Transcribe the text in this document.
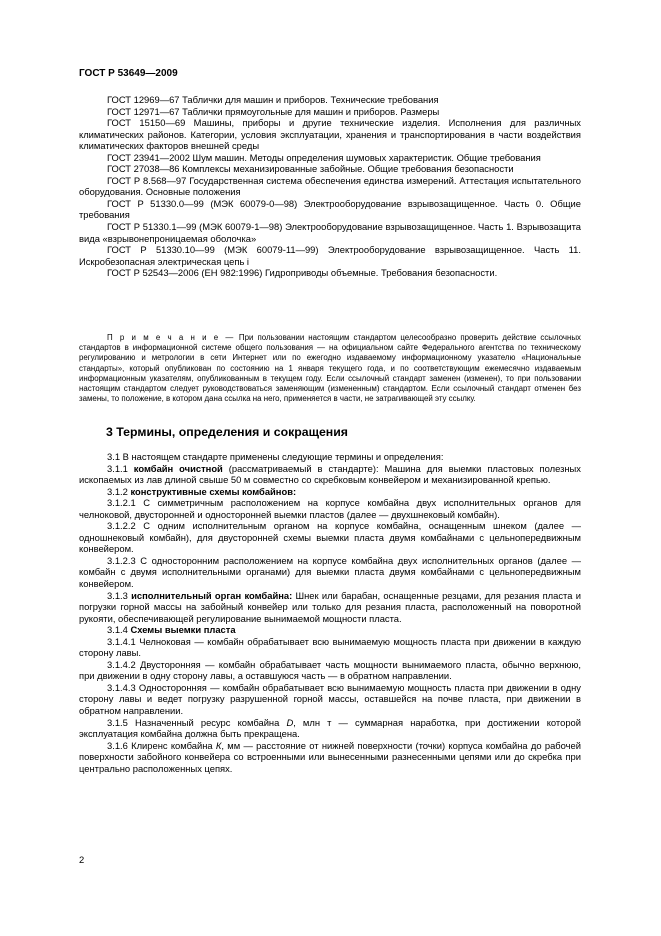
ГОСТ Р 53649—2009

ГОСТ 12969—67 Таблички для машин и приборов. Технические требования

ГОСТ 12971—67 Таблички прямоугольные для машин и приборов. Размеры

ГОСТ 15150—69 Машины, приборы и другие технические изделия. Исполнения для различных климатических районов. Категории, условия эксплуатации, хранения и транспортирования в части воздействия климатических факторов внешней среды

ГОСТ 23941—2002 Шум машин. Методы определения шумовых характеристик. Общие требования

ГОСТ 27038—86 Комплексы механизированные забойные. Общие требования безопасности

ГОСТ Р 8.568—97 Государственная система обеспечения единства измерений. Аттестация испытательного оборудования. Основные положения

ГОСТ Р 51330.0—99 (МЭК 60079-0—98) Электрооборудование взрывозащищенное. Часть 0. Общие требования

ГОСТ Р 51330.1—99 (МЭК 60079-1—98) Электрооборудование взрывозащищенное. Часть 1. Взрывозащита вида «взрывонепроницаемая оболочка»

ГОСТ Р 51330.10—99 (МЭК 60079-11—99) Электрооборудование взрывозащищенное. Часть 11. Искробезопасная электрическая цепь i

ГОСТ Р 52543—2006 (ЕН 982:1996) Гидроприводы объемные. Требования безопасности.

П р и м е ч а н и е — При пользовании настоящим стандартом целесообразно проверить действие ссылочных стандартов в информационной системе общего пользования — на официальном сайте Федерального агентства по техническому регулированию и метрологии в сети Интернет или по ежегодно издаваемому информационному указателю «Национальные стандарты», который опубликован по состоянию на 1 января текущего года, и по соответствующим ежемесячно издаваемым информационным указателям, опубликованным в текущем году. Если ссылочный стандарт заменен (изменен), то при пользовании настоящим стандартом следует руководствоваться заменяющим (измененным) стандартом. Если ссылочный стандарт отменен без замены, то положение, в котором дана ссылка на него, применяется в части, не затрагивающей эту ссылку.
3 Термины, определения и сокращения

3.1 В настоящем стандарте применены следующие термины и определения:

3.1.1 комбайн очистной (рассматриваемый в стандарте): Машина для выемки пластовых полезных ископаемых из лав длиной свыше 50 м совместно со скребковым конвейером и механизированной крепью.

3.1.2 конструктивные схемы комбайнов:

3.1.2.1 С симметричным расположением на корпусе комбайна двух исполнительных органов для челноковой, двусторонней и односторонней выемки пластов (далее — двухшнековый комбайн).

3.1.2.2 С одним исполнительным органом на корпусе комбайна, оснащенным шнеком (далее — одношнековый комбайн), для двусторонней схемы выемки пласта двумя комбайнами с цельнопередвижным конвейером.

3.1.2.3 С односторонним расположением на корпусе комбайна двух исполнительных органов (далее — комбайн с двумя исполнительными органами) для выемки пласта двумя комбайнами с цельнопередвижным конвейером.

3.1.3 исполнительный орган комбайна: Шнек или барабан, оснащенные резцами, для резания пласта и погрузки горной массы на забойный конвейер или только для резания пласта, расположенный на поворотной рукояти, обеспечивающей регулирование вынимаемой мощности пласта.

3.1.4 Схемы выемки пласта

3.1.4.1 Челноковая — комбайн обрабатывает всю вынимаемую мощность пласта при движении в каждую сторону лавы.

3.1.4.2 Двусторонняя — комбайн обрабатывает часть мощности вынимаемого пласта, обычно верхнюю, при движении в одну сторону лавы, а оставшуюся часть — в обратном направлении.

3.1.4.3 Односторонняя — комбайн обрабатывает всю вынимаемую мощность пласта при движении в одну сторону лавы и ведет погрузку разрушенной горной массы, оставшейся на почве пласта, при движении в обратном направлении.

3.1.5 Назначенный ресурс комбайна D, млн т — суммарная наработка, при достижении которой эксплуатация комбайна должна быть прекращена.

3.1.6 Клиренс комбайна К, мм — расстояние от нижней поверхности (точки) корпуса комбайна до рабочей поверхности забойного конвейера со встроенными или вынесенными разнесенными цепями или до скребка при центрально расположенных цепях.

2
